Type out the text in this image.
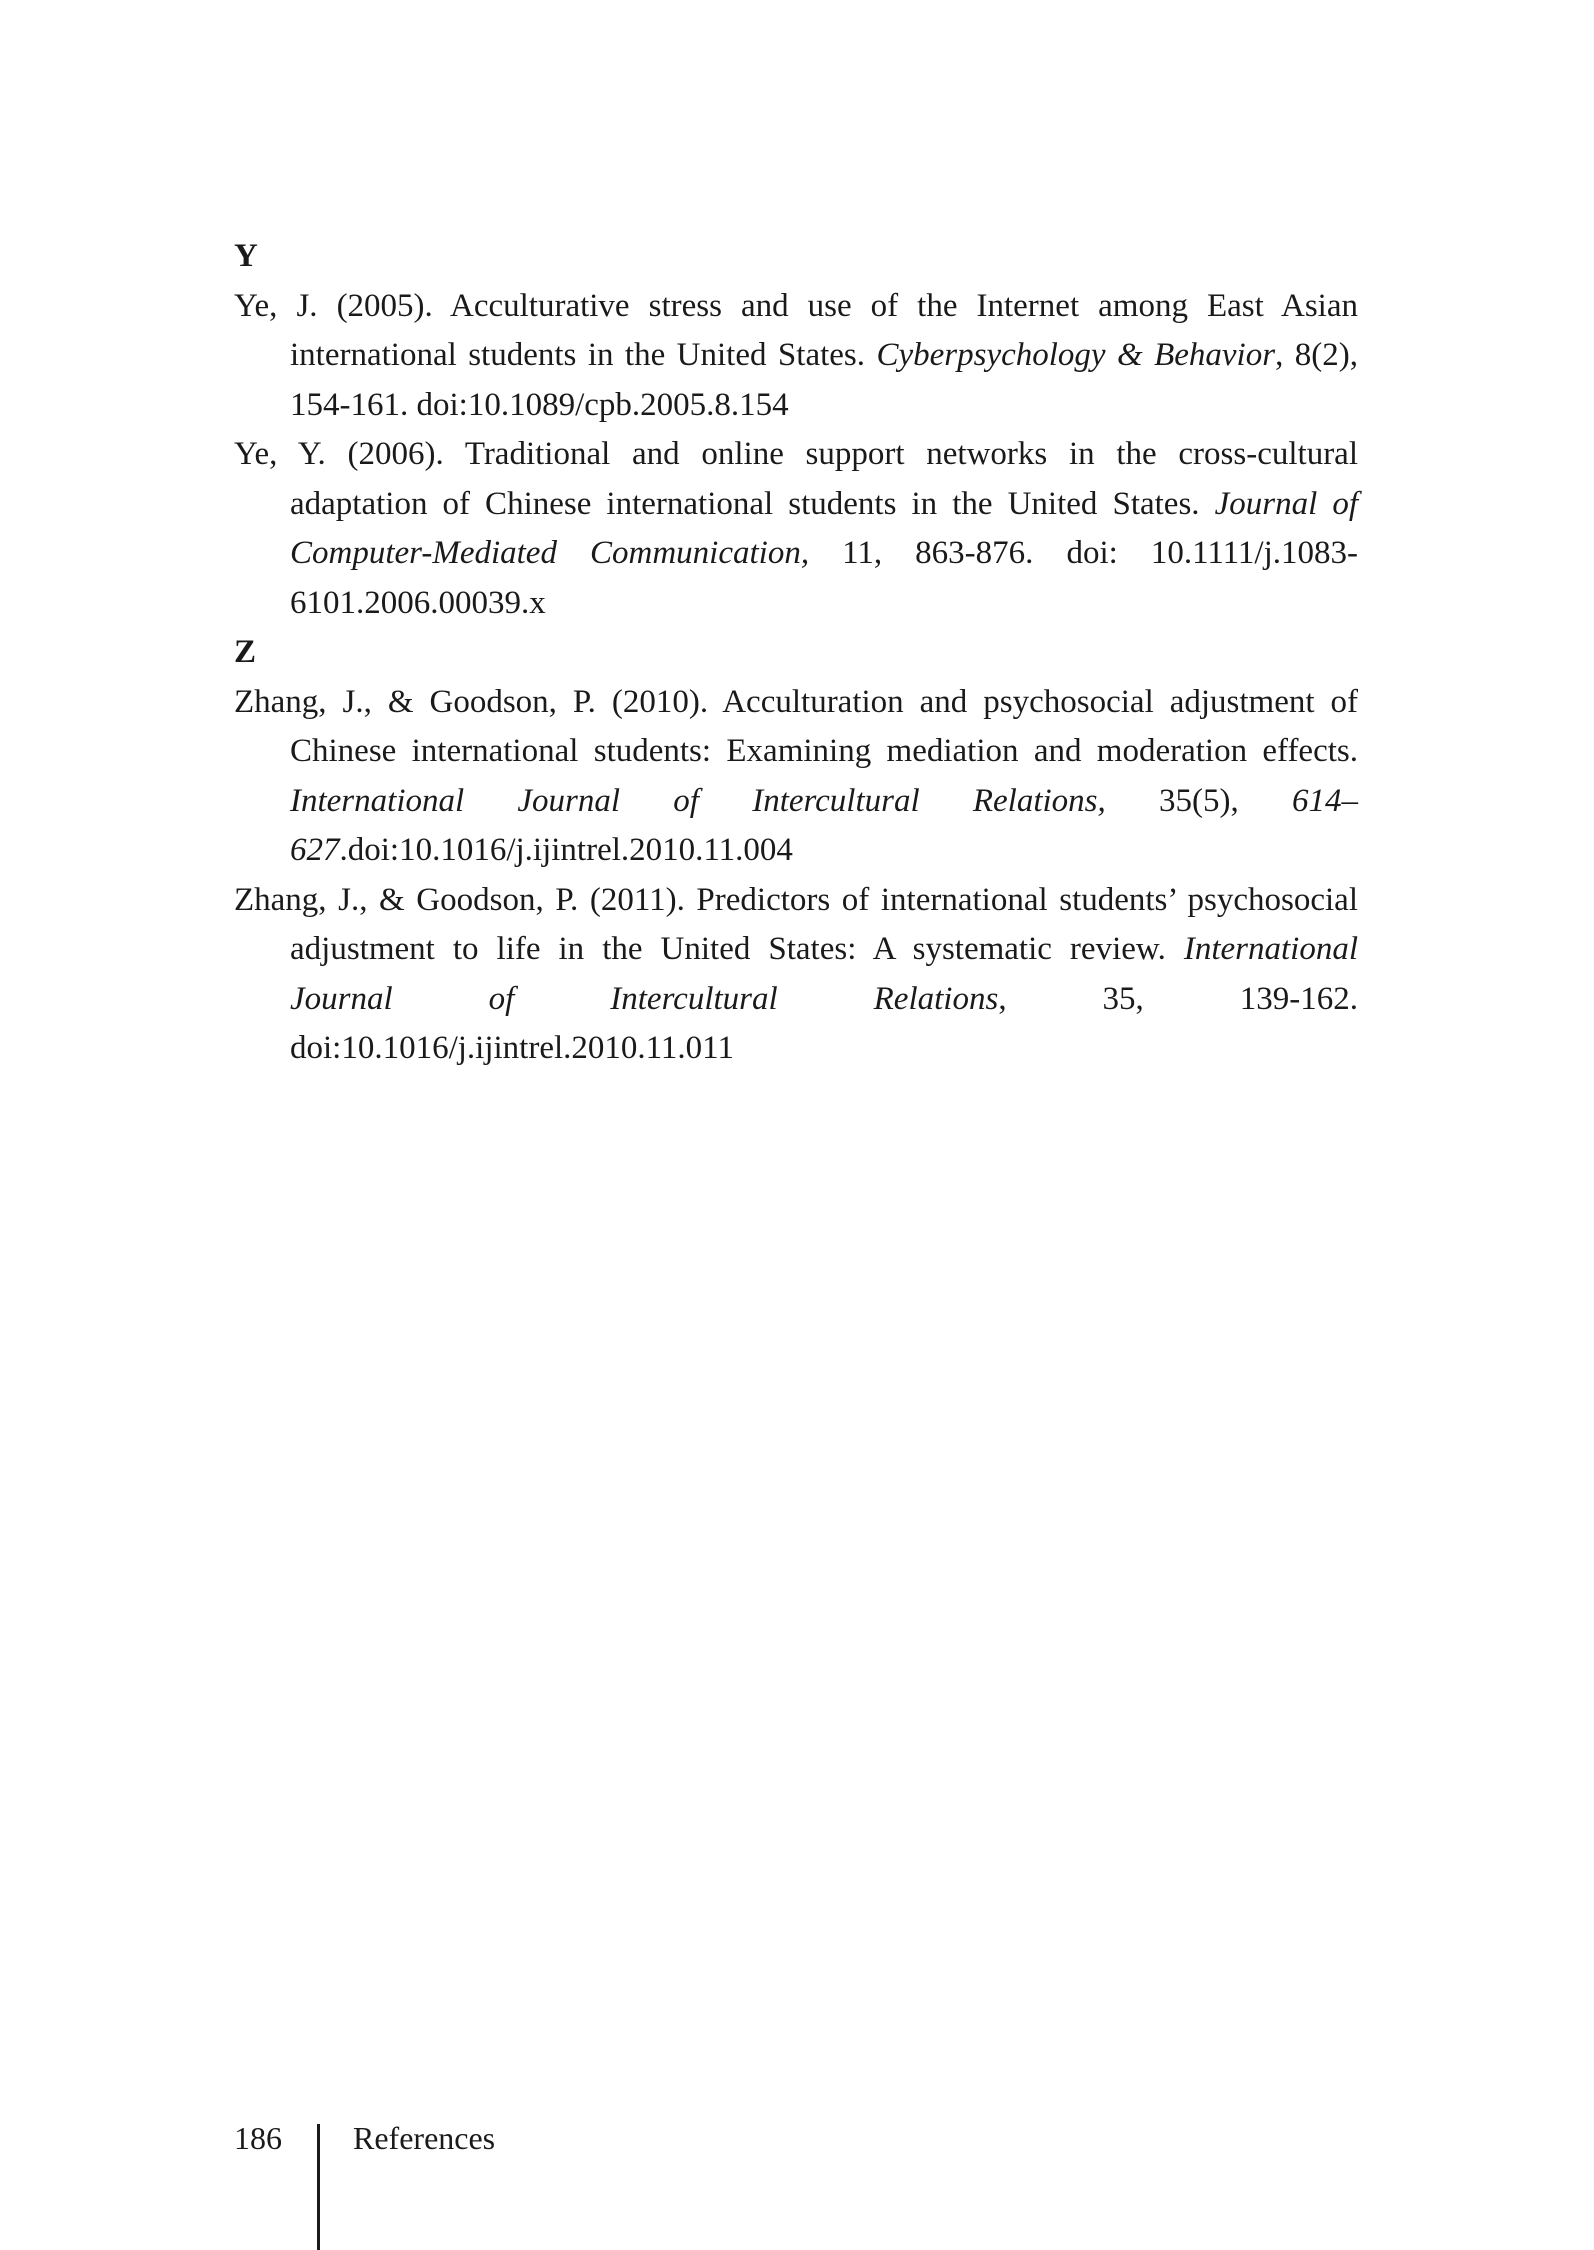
Y

Ye, J. (2005). Acculturative stress and use of the Internet among East Asian international students in the United States. Cyberpsychology & Behavior, 8(2), 154-161. doi:10.1089/cpb.2005.8.154

Ye, Y. (2006). Traditional and online support networks in the cross-cultural adaptation of Chinese international students in the United States. Journal of Computer-Mediated Communication, 11, 863-876. doi: 10.1111/j.1083-6101.2006.00039.x

Z

Zhang, J., & Goodson, P. (2010). Acculturation and psychosocial adjustment of Chinese international students: Examining mediation and moderation effects. International Journal of Intercultural Relations, 35(5), 614–627.doi:10.1016/j.ijintrel.2010.11.004

Zhang, J., & Goodson, P. (2011). Predictors of international students’ psychosocial adjustment to life in the United States: A systematic review. International Journal of Intercultural Relations, 35, 139-162. doi:10.1016/j.ijintrel.2010.11.011

186 References
